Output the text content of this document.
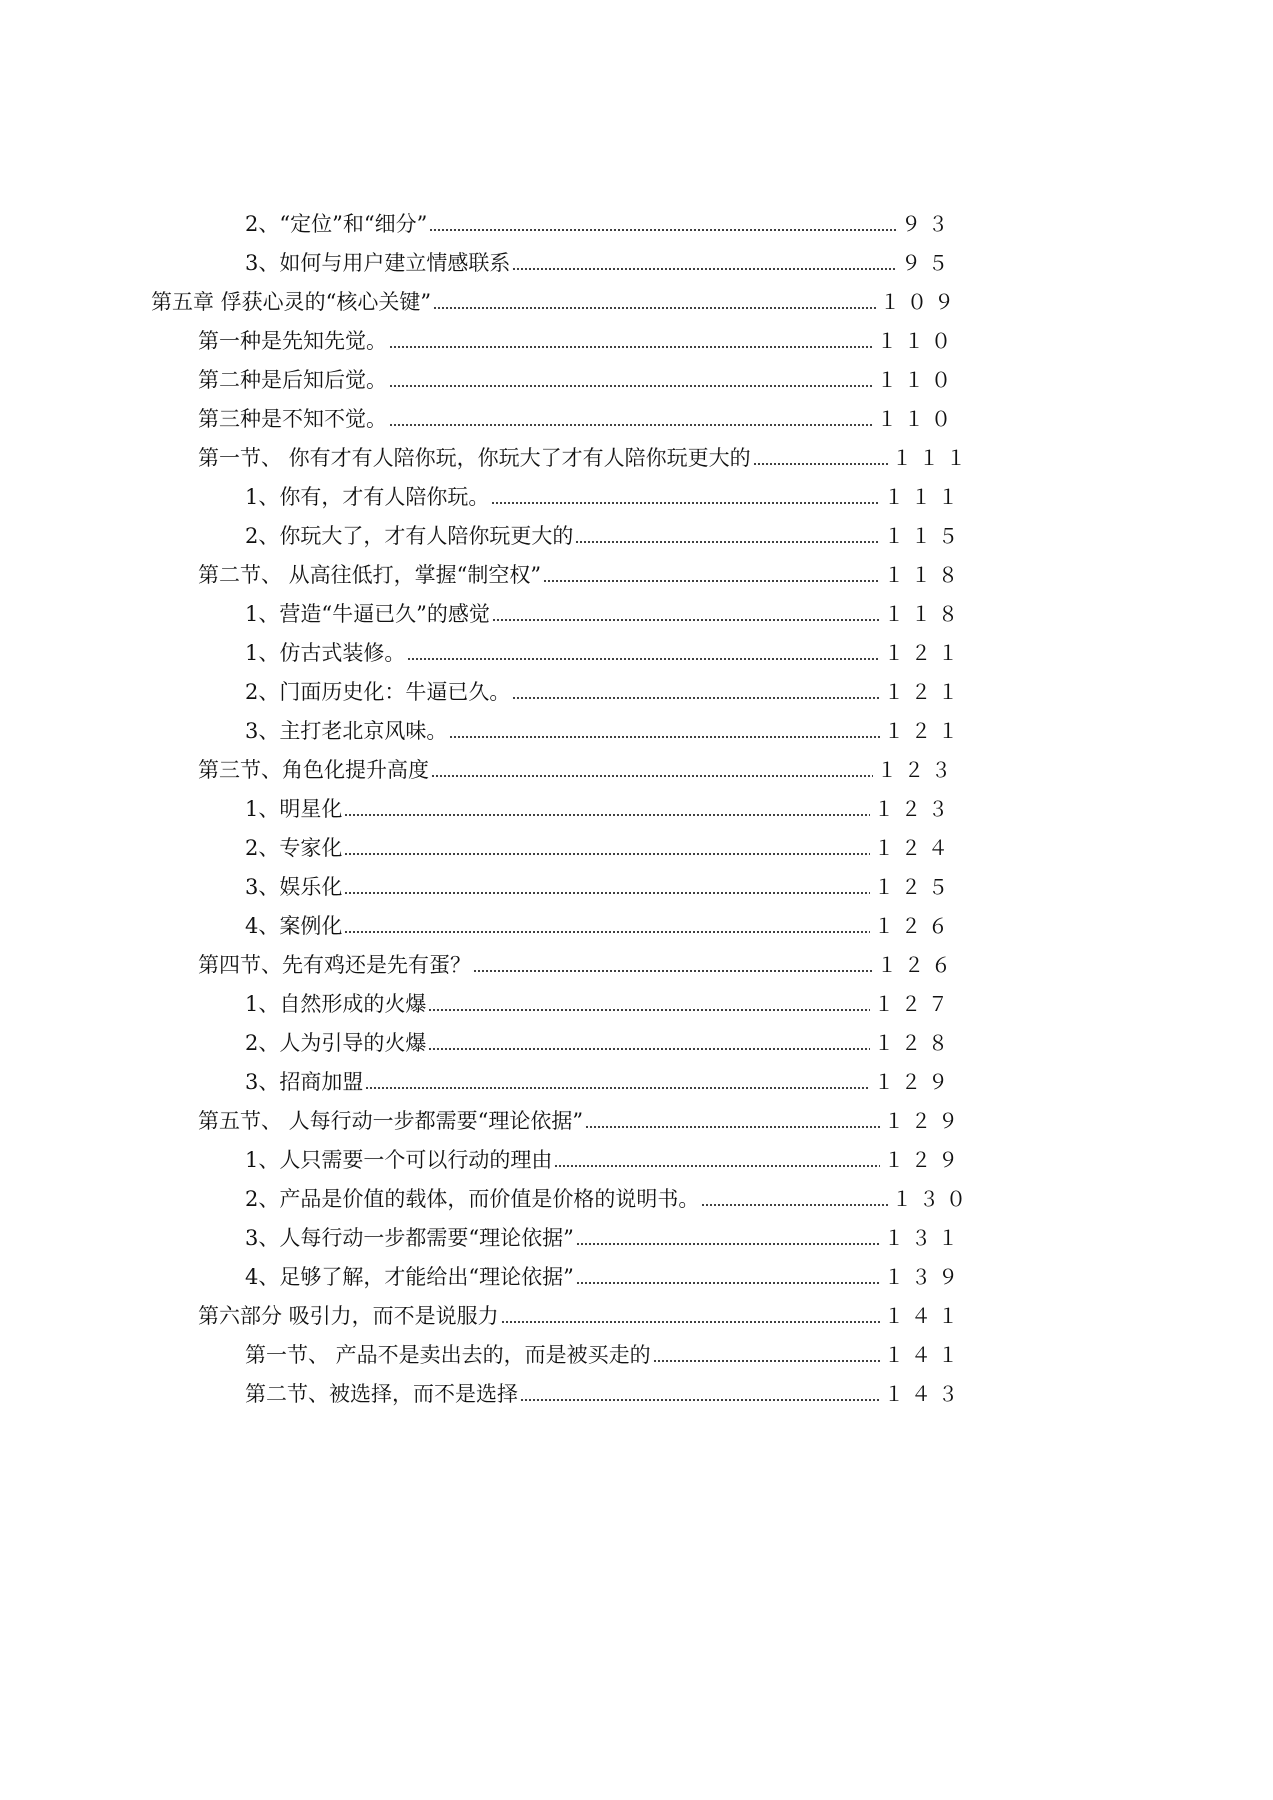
2、“定位”和“细分”	９３
3、如何与用户建立情感联系	９５
第五章 俘获心灵的“核心关键”	１０９
第一种是先知先觉。	１１０
第二种是后知后觉。	１１０
第三种是不知不觉。	１１０
第一节、 你有才有人陪你玩，你玩大了才有人陪你玩更大的	１１１
1、你有，才有人陪你玩。	１１１
2、你玩大了，才有人陪你玩更大的	１１５
第二节、 从高往低打，掌握“制空权”	１１８
1、营造“牛逼已久”的感觉	１１８
1、仿古式装修。	１２１
2、门面历史化：牛逼已久。	１２１
3、主打老北京风味。	１２１
第三节、角色化提升高度	１２３
1、明星化	１２３
2、专家化	１２４
3、娱乐化	１２５
4、案例化	１２６
第四节、先有鸡还是先有蛋？	１２６
1、自然形成的火爆	１２７
2、人为引导的火爆	１２８
3、招商加盟	１２９
第五节、 人每行动一步都需要“理论依据”	１２９
1、人只需要一个可以行动的理由	１２９
2、产品是价值的载体，而价值是价格的说明书。	１３０
3、人每行动一步都需要“理论依据”	１３１
4、足够了解，才能给出“理论依据”	１３９
第六部分 吸引力，而不是说服力	１４１
第一节、 产品不是卖出去的，而是被买走的	１４１
第二节、被选择，而不是选择	１４３
